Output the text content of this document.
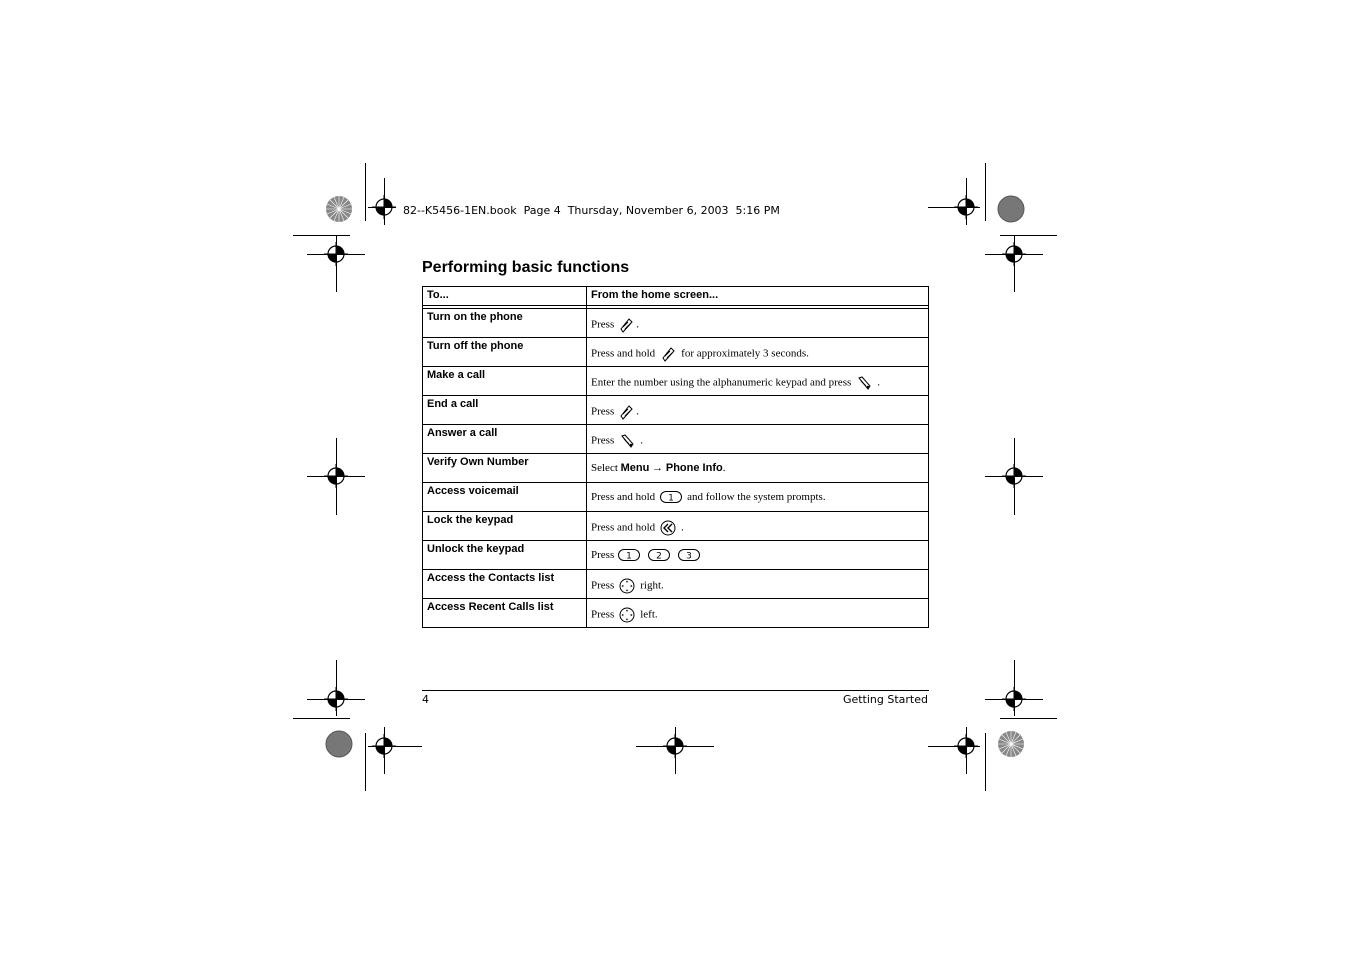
82--K5456-1EN.book  Page 4  Thursday, November 6, 2003  5:16 PM
Performing basic functions
To...	From the home screen...

Turn on the phone	Press .
Turn off the phone	Press and hold for approximately 3 seconds.
Make a call	Enter the number using the alphanumeric keypad and press .
End a call	Press .
Answer a call	Press .
Verify Own Number	Select Menu → Phone Info.
Access voicemail	Press and hold 1 and follow the system prompts.
Lock the keypad	Press and hold .
Unlock the keypad	Press 1 2 3

Access the Contacts list	Press right.
Access Recent Calls list	Press left.
4	Getting Started
